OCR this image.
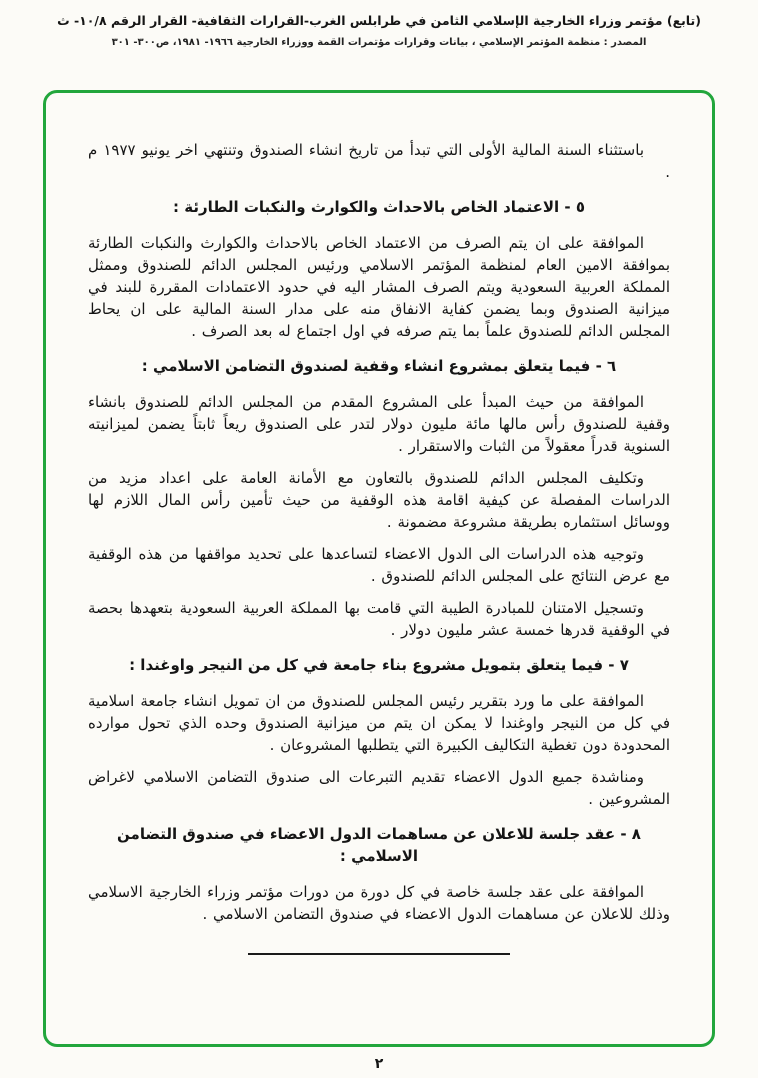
(تابع) مؤتمر وزراء الخارجية الإسلامي الثامن في طرابلس الغرب-القرارات الثقافية- القرار الرقم ١٠/٨- ث
المصدر : منظمة المؤتمر الإسلامي ، بيانات وقرارات مؤتمرات القمة ووزراء الخارجية ١٩٦٦- ١٩٨١، ص٣٠٠- ٣٠١

باستثناء السنة المالية الأولى التي تبدأ من تاريخ انشاء الصندوق وتنتهي اخر يونيو ١٩٧٧ م .

٥ - الاعتماد الخاص بالاحداث والكوارث والنكبات الطارئة :

الموافقة على ان يتم الصرف من الاعتماد الخاص بالاحداث والكوارث والنكبات الطارئة بموافقة الامين العام لمنظمة المؤتمر الاسلامي ورئيس المجلس الدائم للصندوق وممثل المملكة العربية السعودية ويتم الصرف المشار اليه في حدود الاعتمادات المقررة للبند في ميزانية الصندوق وبما يضمن كفاية الانفاق منه على مدار السنة المالية على ان يحاط المجلس الدائم للصندوق علماً بما يتم صرفه في اول اجتماع له بعد الصرف .

٦ - فيما يتعلق بمشروع انشاء وقفية لصندوق التضامن الاسلامي :

الموافقة من حيث المبدأ على المشروع المقدم من المجلس الدائم للصندوق بانشاء وقفية للصندوق رأس مالها مائة مليون دولار لتدر على الصندوق ريعاً ثابتاً يضمن لميزانيته السنوية قدراً معقولاً من الثبات والاستقرار .

وتكليف المجلس الدائم للصندوق بالتعاون مع الأمانة العامة على اعداد مزيد من الدراسات المفصلة عن كيفية اقامة هذه الوقفية من حيث تأمين رأس المال اللازم لها ووسائل استثماره بطريقة مشروعة مضمونة .

وتوجيه هذه الدراسات الى الدول الاعضاء لتساعدها على تحديد مواقفها من هذه الوقفية مع عرض النتائج على المجلس الدائم للصندوق .

وتسجيل الامتنان للمبادرة الطيبة التي قامت بها المملكة العربية السعودية بتعهدها بحصة في الوقفية قدرها خمسة عشر مليون دولار .

٧ - فيما يتعلق بتمويل مشروع بناء جامعة في كل من النيجر واوغندا :

الموافقة على ما ورد بتقرير رئيس المجلس للصندوق من ان تمويل انشاء جامعة اسلامية في كل من النيجر واوغندا لا يمكن ان يتم من ميزانية الصندوق وحده الذي تحول موارده المحدودة دون تغطية التكاليف الكبيرة التي يتطلبها المشروعان .

ومناشدة جميع الدول الاعضاء تقديم التبرعات الى صندوق التضامن الاسلامي لاغراض المشروعين .

٨ - عقد جلسة للاعلان عن مساهمات الدول الاعضاء في صندوق التضامن الاسلامي :

الموافقة على عقد جلسة خاصة في كل دورة من دورات مؤتمر وزراء الخارجية الاسلامي وذلك للاعلان عن مساهمات الدول الاعضاء في صندوق التضامن الاسلامي .

٢
